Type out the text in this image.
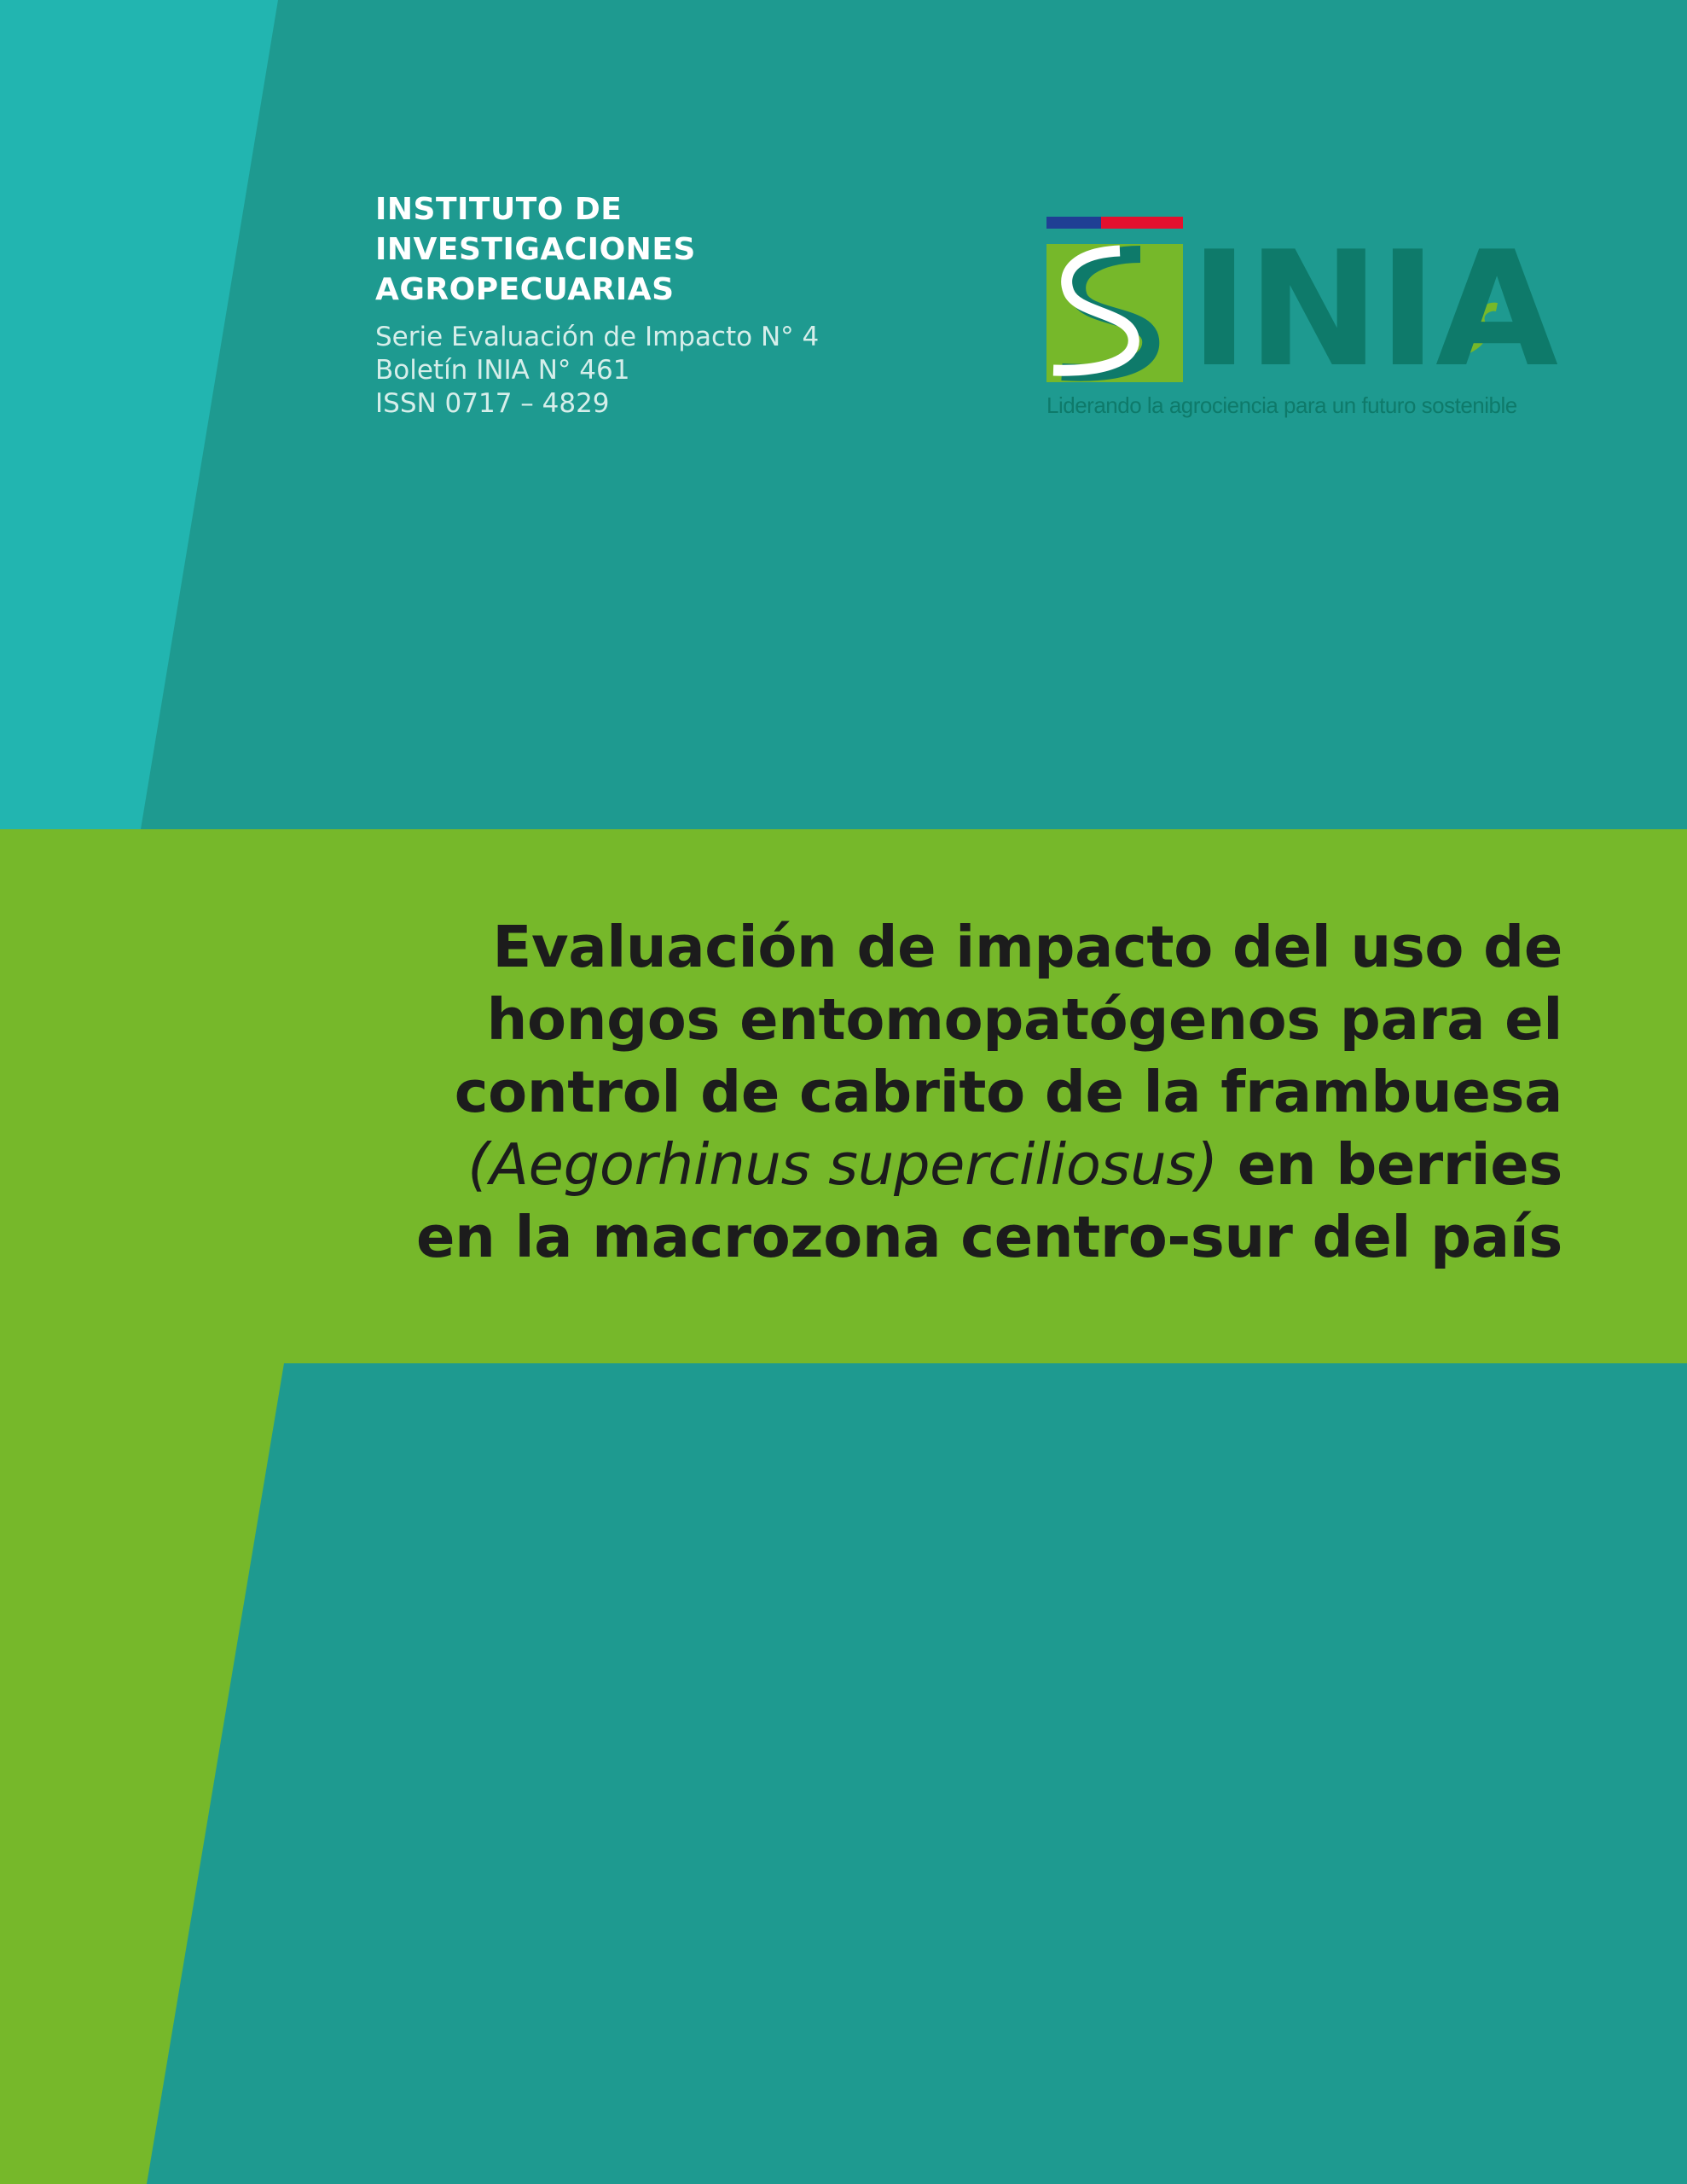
INSTITUTO DE
INVESTIGACIONES
AGROPECUARIAS
Serie Evaluación de Impacto N° 4
Boletín INIA N° 461
ISSN 0717 – 4829
INIA
Liderando la agrociencia para un futuro sostenible
Evaluación de impacto del uso de
hongos entomopatógenos para el
control de cabrito de la frambuesa
(Aegorhinus superciliosus) en berries
en la macrozona centro-sur del país
